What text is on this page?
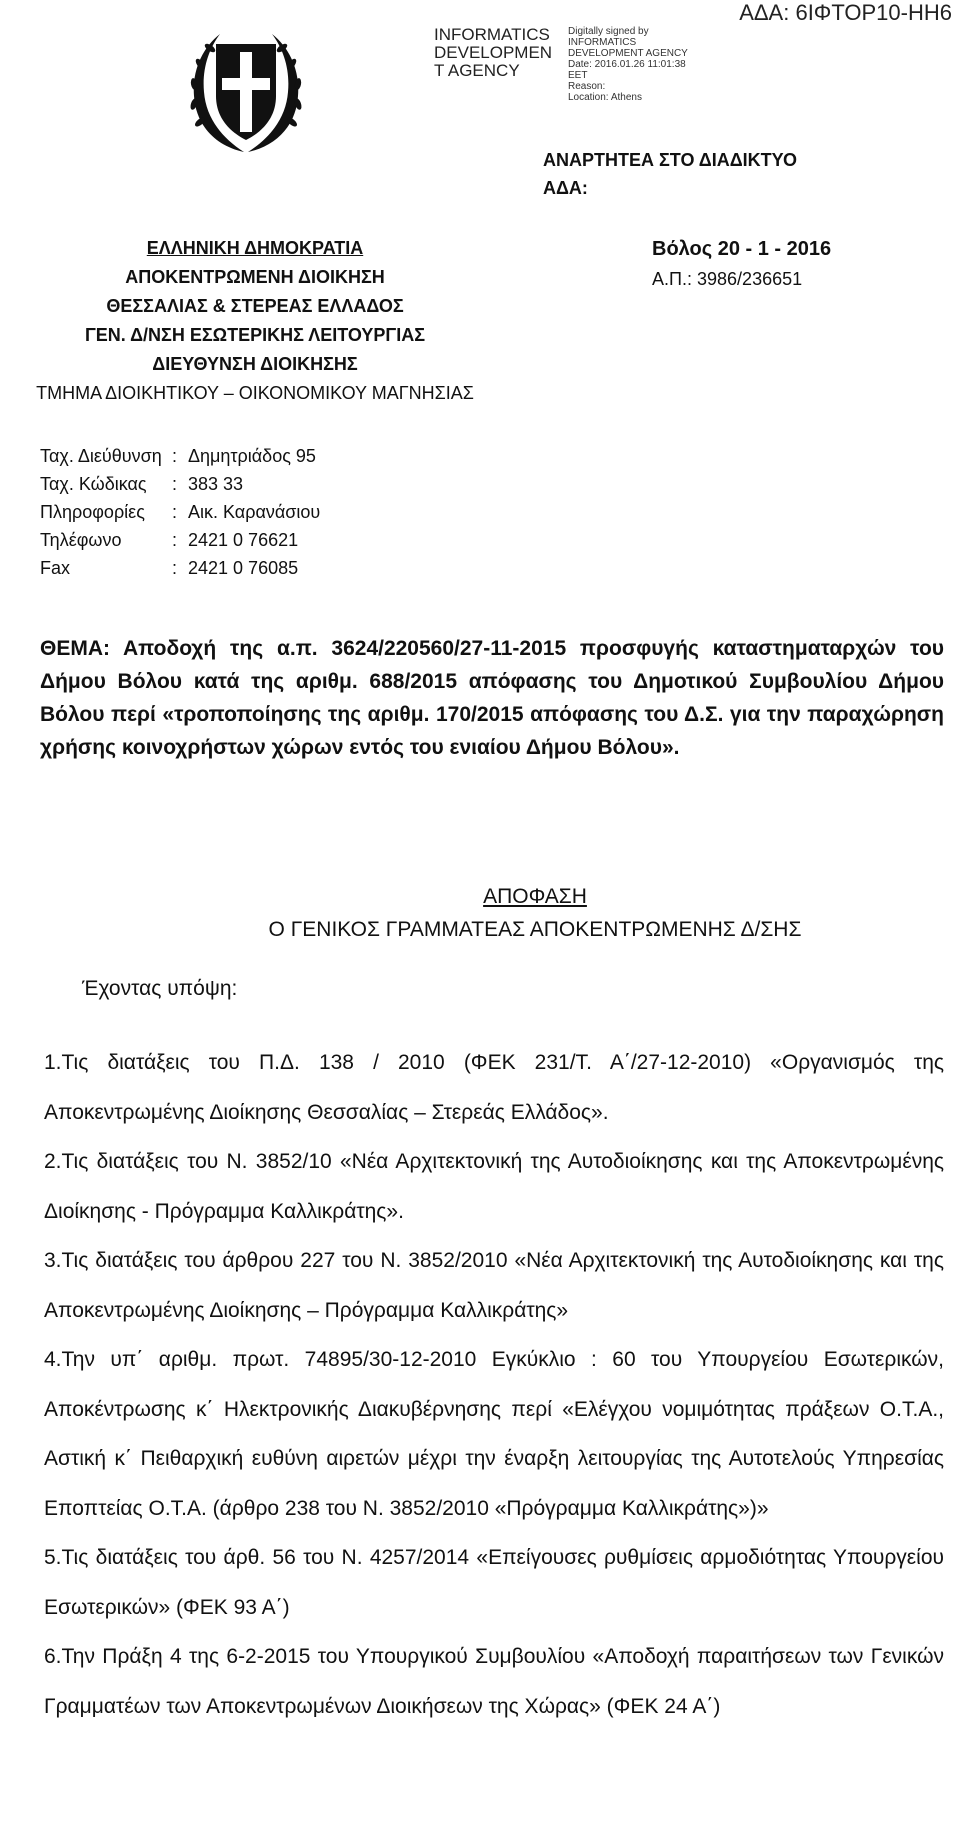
ΑΔΑ: 6ΙΦΤΟΡ10-ΗΗ6
INFORMATICS
DEVELOPMEN
T AGENCY
Digitally signed by
INFORMATICS
DEVELOPMENT AGENCY
Date: 2016.01.26 11:01:38
EET
Reason:
Location: Athens
ΑΝΑΡΤΗΤΕΑ ΣΤΟ ΔΙΑΔΙΚΤΥΟ
ΑΔΑ:
ΕΛΛΗΝΙΚΗ ΔΗΜΟΚΡΑΤΙΑ
ΑΠΟΚΕΝΤΡΩΜΕΝΗ ΔΙΟΙΚΗΣΗ
ΘΕΣΣΑΛΙΑΣ & ΣΤΕΡΕΑΣ ΕΛΛΑΔΟΣ
ΓΕΝ. Δ/ΝΣΗ ΕΣΩΤΕΡΙΚΗΣ ΛΕΙΤΟΥΡΓΙΑΣ
ΔΙΕΥΘΥΝΣΗ ΔΙΟΙΚΗΣΗΣ
ΤΜΗΜΑ ΔΙΟΙΚΗΤΙΚΟΥ – ΟΙΚΟΝΟΜΙΚΟΥ ΜΑΓΝΗΣΙΑΣ
Βόλος 20 - 1 - 2016
Α.Π.: 3986/236651
Ταχ. Διεύθυνση : Δημητριάδος 95
Ταχ. Κώδικας	: 383 33
Πληροφορίες	: Αικ. Καρανάσιου
Τηλέφωνο	: 2421 0 76621
Fax	: 2421 0 76085
ΘΕΜΑ: Αποδοχή της α.π. 3624/220560/27-11-2015 προσφυγής καταστηματαρχών του Δήμου Βόλου κατά της αριθμ. 688/2015 απόφασης του Δημοτικού Συμβουλίου Δήμου Βόλου περί «τροποποίησης της αριθμ. 170/2015 απόφασης του Δ.Σ. για την παραχώρηση χρήσης κοινοχρήστων χώρων εντός του ενιαίου Δήμου Βόλου».
ΑΠΟΦΑΣΗ
Ο ΓΕΝΙΚΟΣ ΓΡΑΜΜΑΤΕΑΣ ΑΠΟΚΕΝΤΡΩΜΕΝΗΣ Δ/ΣΗΣ
Έχοντας υπόψη:

1.Τις διατάξεις του Π.Δ. 138 / 2010 (ΦΕΚ 231/Τ. Α΄/27-12-2010) «Οργανισμός της Αποκεντρωμένης Διοίκησης Θεσσαλίας – Στερεάς Ελλάδος».

2.Τις διατάξεις του Ν. 3852/10 «Νέα Αρχιτεκτονική της Αυτοδιοίκησης και της Αποκεντρωμένης Διοίκησης - Πρόγραμμα Καλλικράτης».

3.Τις διατάξεις του άρθρου 227 του Ν. 3852/2010 «Νέα Αρχιτεκτονική της Αυτοδιοίκησης και της Αποκεντρωμένης Διοίκησης – Πρόγραμμα Καλλικράτης»

4.Την υπ΄ αριθμ. πρωτ. 74895/30-12-2010 Εγκύκλιο : 60 του Υπουργείου Εσωτερικών, Αποκέντρωσης κ΄ Ηλεκτρονικής Διακυβέρνησης περί «Ελέγχου νομιμότητας πράξεων Ο.Τ.Α., Αστική κ΄ Πειθαρχική ευθύνη αιρετών μέχρι την έναρξη λειτουργίας της Αυτοτελούς Υπηρεσίας Εποπτείας Ο.Τ.Α. (άρθρο 238 του Ν. 3852/2010 «Πρόγραμμα Καλλικράτης»)»

5.Τις διατάξεις του άρθ. 56 του Ν. 4257/2014 «Επείγουσες ρυθμίσεις αρμοδιότητας Υπουργείου Εσωτερικών» (ΦΕΚ 93 Α΄)

6.Την Πράξη 4 της 6-2-2015 του Υπουργικού Συμβουλίου «Αποδοχή παραιτήσεων των Γενικών Γραμματέων των Αποκεντρωμένων Διοικήσεων της Χώρας» (ΦΕΚ 24 Α΄)
